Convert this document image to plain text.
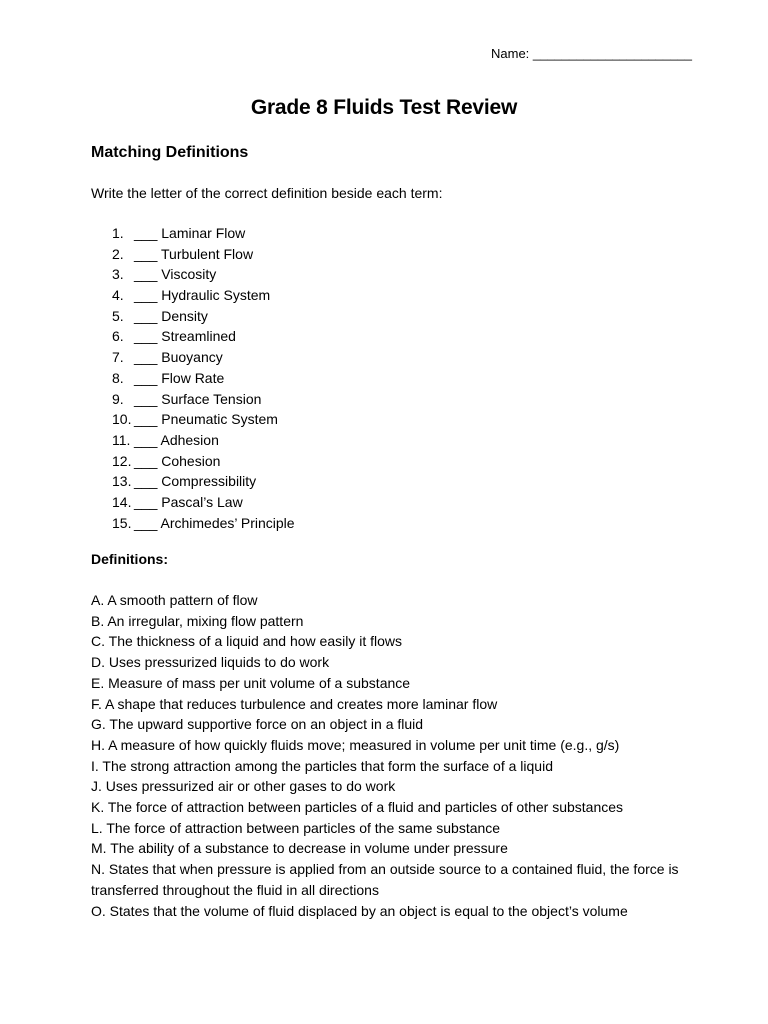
Name: ______________________
Grade 8 Fluids Test Review
Matching Definitions
Write the letter of the correct definition beside each term:
1. ___ Laminar Flow
2. ___ Turbulent Flow
3. ___ Viscosity
4. ___ Hydraulic System
5. ___ Density
6. ___ Streamlined
7. ___ Buoyancy
8. ___ Flow Rate
9. ___ Surface Tension
10. ___ Pneumatic System
11. ___ Adhesion
12. ___ Cohesion
13. ___ Compressibility
14. ___ Pascal’s Law
15. ___ Archimedes’ Principle
Definitions:
A. A smooth pattern of flow
B. An irregular, mixing flow pattern
C. The thickness of a liquid and how easily it flows
D. Uses pressurized liquids to do work
E. Measure of mass per unit volume of a substance
F. A shape that reduces turbulence and creates more laminar flow
G. The upward supportive force on an object in a fluid
H. A measure of how quickly fluids move; measured in volume per unit time (e.g., g/s)
I. The strong attraction among the particles that form the surface of a liquid
J. Uses pressurized air or other gases to do work
K. The force of attraction between particles of a fluid and particles of other substances
L. The force of attraction between particles of the same substance
M. The ability of a substance to decrease in volume under pressure
N. States that when pressure is applied from an outside source to a contained fluid, the force is transferred throughout the fluid in all directions
O. States that the volume of fluid displaced by an object is equal to the object’s volume
